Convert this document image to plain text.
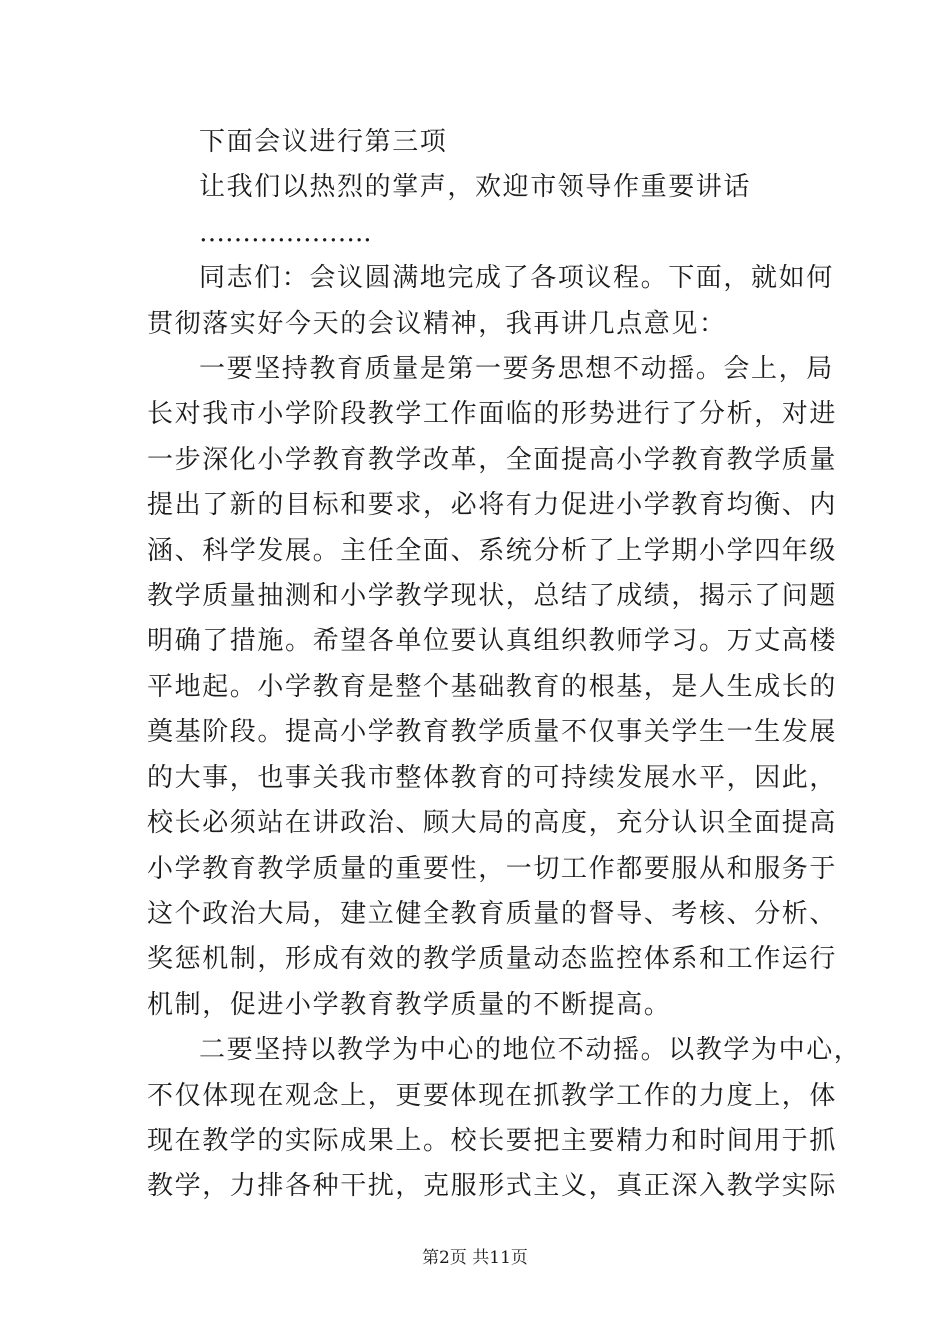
下面会议进行第三项
让我们以热烈的掌声，欢迎市领导作重要讲话
………………..
同志们：会议圆满地完成了各项议程。下面，就如何
贯彻落实好今天的会议精神，我再讲几点意见：
一要坚持教育质量是第一要务思想不动摇。会上，局
长对我市小学阶段教学工作面临的形势进行了分析，对进
一步深化小学教育教学改革，全面提高小学教育教学质量
提出了新的目标和要求，必将有力促进小学教育均衡、内
涵、科学发展。主任全面、系统分析了上学期小学四年级
教学质量抽测和小学教学现状，总结了成绩，揭示了问题
明确了措施。希望各单位要认真组织教师学习。万丈高楼
平地起。小学教育是整个基础教育的根基，是人生成长的
奠基阶段。提高小学教育教学质量不仅事关学生一生发展
的大事，也事关我市整体教育的可持续发展水平，因此，
校长必须站在讲政治、顾大局的高度，充分认识全面提高
小学教育教学质量的重要性，一切工作都要服从和服务于
这个政治大局，建立健全教育质量的督导、考核、分析、
奖惩机制，形成有效的教学质量动态监控体系和工作运行
机制，促进小学教育教学质量的不断提高。
二要坚持以教学为中心的地位不动摇。以教学为中心，
不仅体现在观念上，更要体现在抓教学工作的力度上，体
现在教学的实际成果上。校长要把主要精力和时间用于抓
教学，力排各种干扰，克服形式主义，真正深入教学实际
第2页 共11页
